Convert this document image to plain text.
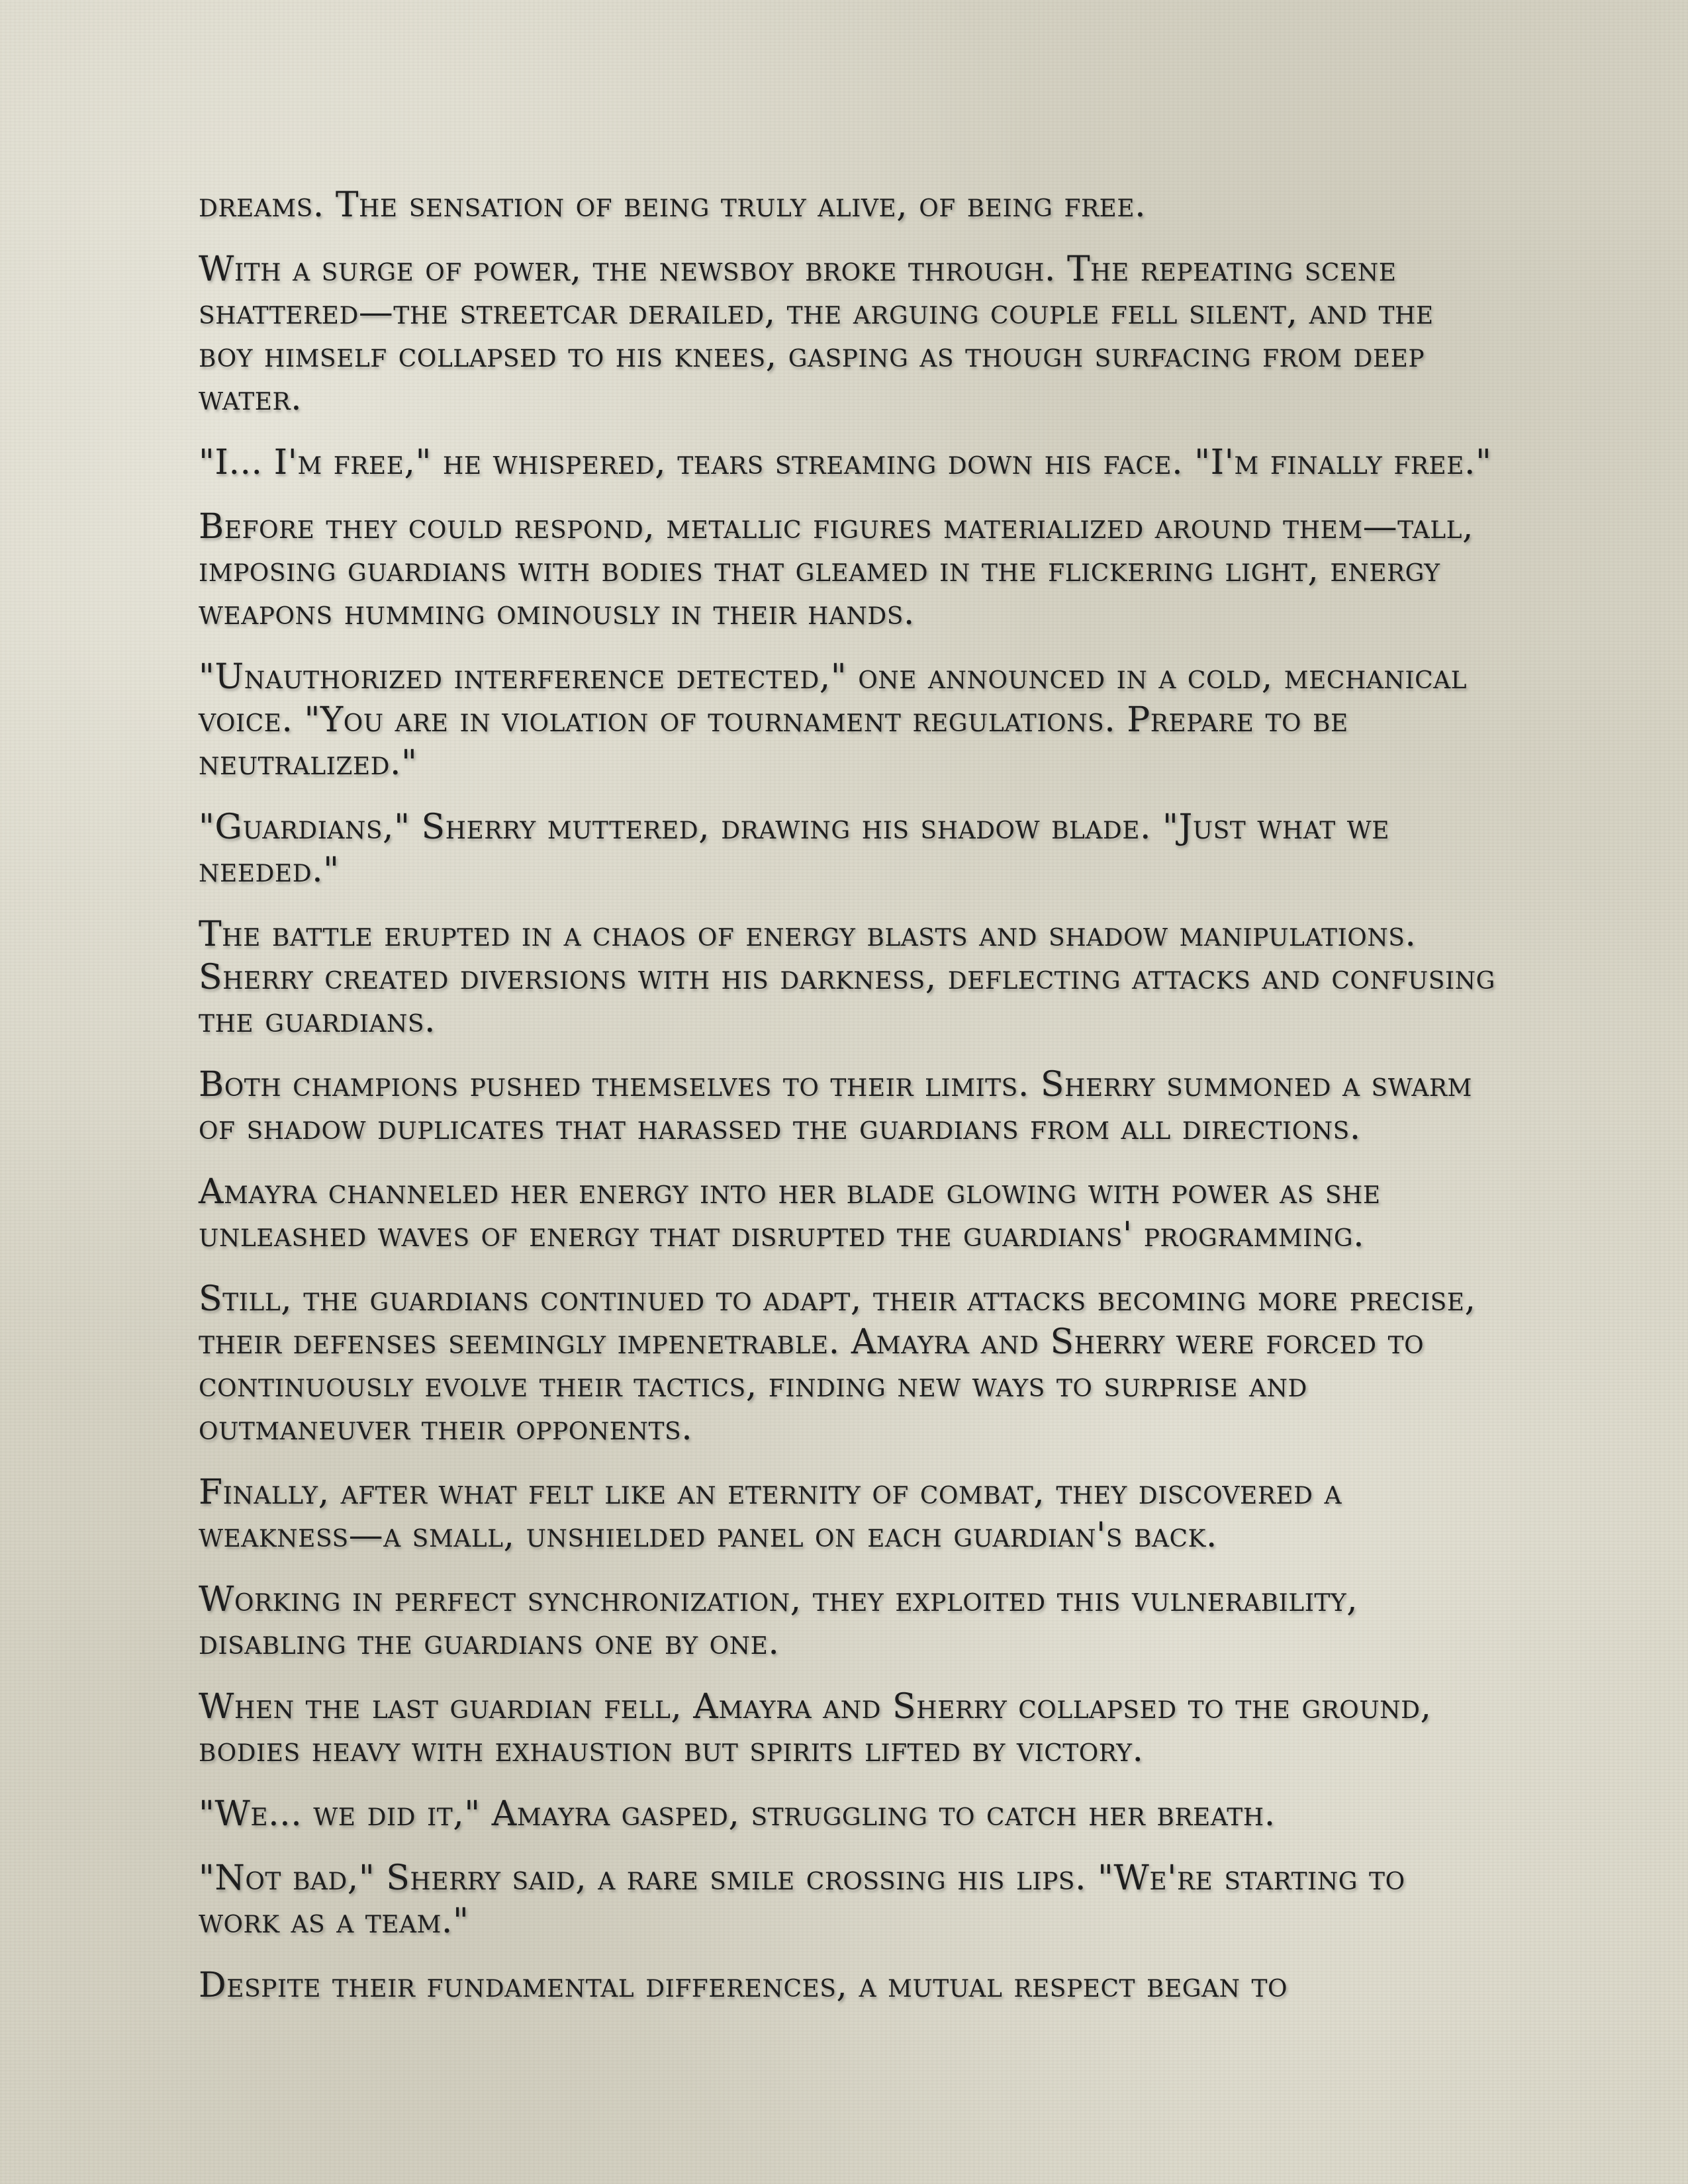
dreams. The sensation of being truly alive, of being free.

With a surge of power, the newsboy broke through. The repeating scene shattered—the streetcar derailed, the arguing couple fell silent, and the boy himself collapsed to his knees, gasping as though surfacing from deep water.

"I... I'm free," he whispered, tears streaming down his face. "I'm finally free."

Before they could respond, metallic figures materialized around them—tall, imposing guardians with bodies that gleamed in the flickering light, energy weapons humming ominously in their hands.

"Unauthorized interference detected," one announced in a cold, mechanical voice. "You are in violation of tournament regulations. Prepare to be neutralized."

"Guardians," Sherry muttered, drawing his shadow blade. "Just what we needed."

The battle erupted in a chaos of energy blasts and shadow manipulations. Sherry created diversions with his darkness, deflecting attacks and confusing the guardians.

Both champions pushed themselves to their limits. Sherry summoned a swarm of shadow duplicates that harassed the guardians from all directions.

Amayra channeled her energy into her blade glowing with power as she unleashed waves of energy that disrupted the guardians' programming.

Still, the guardians continued to adapt, their attacks becoming more precise, their defenses seemingly impenetrable. Amayra and Sherry were forced to continuously evolve their tactics, finding new ways to surprise and outmaneuver their opponents.

Finally, after what felt like an eternity of combat, they discovered a weakness—a small, unshielded panel on each guardian's back.

Working in perfect synchronization, they exploited this vulnerability, disabling the guardians one by one.

When the last guardian fell, Amayra and Sherry collapsed to the ground, bodies heavy with exhaustion but spirits lifted by victory.

"We... we did it," Amayra gasped, struggling to catch her breath.

"Not bad," Sherry said, a rare smile crossing his lips. "We're starting to work as a team."

Despite their fundamental differences, a mutual respect began to
